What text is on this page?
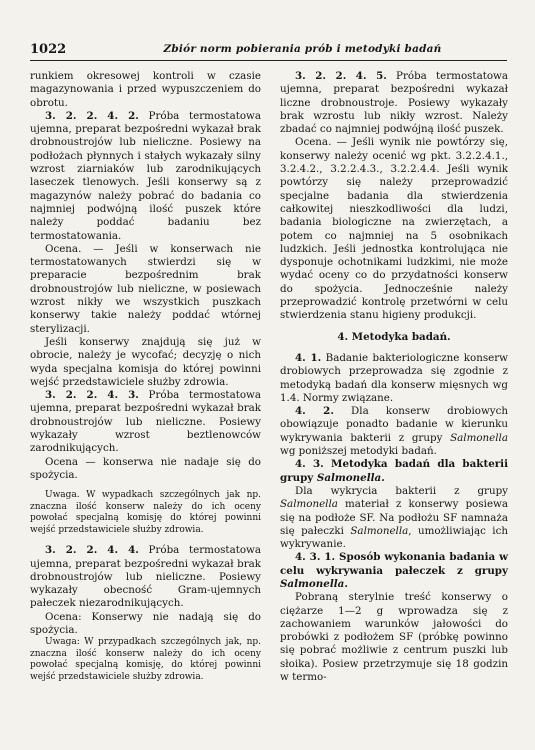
1022	Zbiór norm pobierania prób i metodyki badań

runkiem okresowej kontroli w czasie magazynowania i przed wypuszczeniem do obrotu.

3. 2. 2. 4. 2. Próba termostatowa ujemna, preparat bezpośredni wykazał brak drobnoustrojów lub nieliczne. Posiewy na podłożach płynnych i stałych wykazały silny wzrost ziarniaków lub zarodnikujących laseczek tlenowych. Jeśli konserwy są z magazynów należy pobrać do badania co najmniej podwójną ilość puszek które należy poddać badaniu bez termostatowania.

Ocena. — Jeśli w konserwach nie termostatowanych stwierdzi się w preparacie bezpośrednim brak drobnoustrojów lub nieliczne, w posiewach wzrost nikły we wszystkich puszkach konserwy takie należy poddać wtórnej sterylizacji.

Jeśli konserwy znajdują się już w obrocie, należy je wycofać; decyzję o nich wyda specjalna komisja do której powinni wejść przedstawiciele służby zdrowia.

3. 2. 2. 4. 3. Próba termostatowa ujemna, preparat bezpośredni wykazał brak drobnoustrojów lub nieliczne. Posiewy wykazały wzrost beztlenowców zarodnikujących.

Ocena — konserwa nie nadaje się do spożycia.

Uwaga. W wypadkach szczególnych jak np. znaczna ilość konserw należy do ich oceny powołać specjalną komisję do której powinni wejść przedstawiciele służby zdrowia.

3. 2. 2. 4. 4. Próba termostatowa ujemna, preparat bezpośredni wykazał brak drobnoustrojów lub nieliczne. Posiewy wykazały obecność Gram-ujemnych pałeczek niezarodnikujących.

Ocena: Konserwy nie nadają się do spożycia.

Uwaga: W przypadkach szczególnych jak, np. znaczna ilość konserw należy do ich oceny powołać specjalną komisję, do której powinni wejść przedstawiciele służby zdrowia.

3. 2. 2. 4. 5. Próba termostatowa ujemna, preparat bezpośredni wykazał liczne drobnoustroje. Posiewy wykazały brak wzrostu lub nikły wzrost. Należy zbadać co najmniej podwójną ilość puszek.

Ocena. — Jeśli wynik nie powtórzy się, konserwy należy ocenić wg pkt. 3.2.2.4.1., 3.2.4.2., 3.2.2.4.3., 3.2.2.4.4. Jeśli wynik powtórzy się należy przeprowadzić specjalne badania dla stwierdzenia całkowitej nieszkodliwości dla ludzi, badania biologiczne na zwierzętach, a potem co najmniej na 5 osobnikach ludzkich. Jeśli jednostka kontrolująca nie dysponuje ochotnikami ludzkimi, nie może wydać oceny co do przydatności konserw do spożycia. Jednocześnie należy przeprowadzić kontrolę przetwórni w celu stwierdzenia stanu higieny produkcji.

4. Metodyka badań.

4. 1. Badanie bakteriologiczne konserw drobiowych przeprowadza się zgodnie z metodyką badań dla konserw mięsnych wg 1.4. Normy związane.

4. 2. Dla konserw drobiowych obowiązuje ponadto badanie w kierunku wykrywania bakterii z grupy Salmonella wg poniższej metodyki badań.

4. 3. Metodyka badań dla bakterii grupy Salmonella.

Dla wykrycia bakterii z grupy Salmonella materiał z konserwy posiewa się na podłoże SF. Na podłożu SF namnaża się pałeczki Salmonella, umożliwiając ich wykrywanie.

4. 3. 1. Sposób wykonania badania w celu wykrywania pałeczek z grupy Salmonella.

Pobraną sterylnie treść konserwy o ciężarze 1—2 g wprowadza się z zachowaniem warunków jałowości do probówki z podłożem SF (próbkę powinno się pobrać możliwie z centrum puszki lub słoika). Posiew przetrzymuje się 18 godzin w termo-
